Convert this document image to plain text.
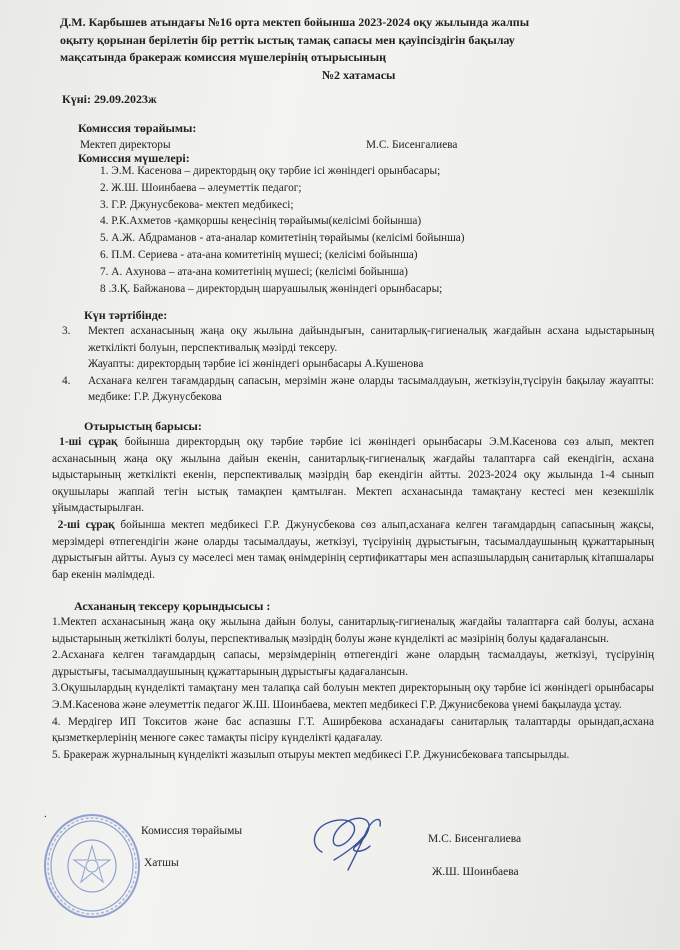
Д.М. Карбышев атындағы №16 орта мектеп бойынша 2023-2024 оқу жылында жалпы
оқыту қорынан берілетін бір реттік ыстық тамақ сапасы мен қауіпсіздігін бақылау
мақсатында бракераж комиссия мүшелерінің отырысының
№2 хатамасы
Күні: 29.09.2023ж
Комиссия төрайымы:
Мектеп директоры	М.С. Бисенгалиева
Комиссия мүшелері:
1. Э.М. Касенова – директордың оқу тәрбие ісі жөніндегі орынбасары;
2. Ж.Ш. Шоинбаева – әлеуметтік педагог;
3. Г.Р. Джунусбекова- мектеп медбикесі;
4. Р.К.Ахметов -қамқоршы кеңесінің төрайымы(келісімі бойынша)
5. А.Ж. Абдраманов - ата-аналар комитетінің төрайымы (келісімі бойынша)
6. П.М. Сериева - ата-ана комитетінің мүшесі; (келісімі бойынша)
7. А. Ахунова – ата-ана комитетінің мүшесі; (келісімі бойынша)
8 .З.Қ. Байжанова – директордың шаруашылық жөніндегі орынбасары;
Күн тәртібінде:
3.	Мектеп асханасының жаңа оқу жылына дайындығын, санитарлық-гигиеналық жағдайын асхана ыдыстарының жеткілікті болуын, перспективалық мәзірді тексеру.
Жауапты: директордың тәрбие ісі жөніндегі орынбасары А.Кушенова
4.	Асханаға келген тағамдардың сапасын, мерзімін және оларды тасымалдауын, жеткізуін,түсіруін бақылау жауапты: медбике: Г.Р. Джунусбекова
Отырыстың барысы:
1-ші сұрақ бойынша директордың оқу тәрбие тәрбие ісі жөніндегі орынбасары Э.М.Касенова сөз алып, мектеп асханасының жаңа оқу жылына дайын екенін, санитарлық-гигиеналық жағдайы талаптарға сай екендігін, асхана ыдыстарының жеткілікті екенін, перспективалық мәзірдің бар екендігін айтты. 2023-2024 оқу жылында 1-4 сынып оқушылары жаппай тегін ыстық тамақпен қамтылған. Мектеп асханасында тамақтану кестесі мен кезекшілік ұйымдастырылған.
2-ші сұрақ бойынша мектеп медбикесі Г.Р. Джунусбекова сөз алып,асханаға келген тағамдардың сапасының жақсы, мерзімдері өтпегендігін және оларды тасымалдауы, жеткізуі, түсіруінің дұрыстығын, тасымалдаушының құжаттарының дұрыстығын айтты. Ауыз су мәселесі мен тамақ өнімдерінің сертификаттары мен аспазшылардың санитарлық кітапшалары бар екенін мәлімдеді.
Асхананың тексеру қорындысысы :
1.Мектеп асханасының жаңа оқу жылына дайын болуы, санитарлық-гигиеналық жағдайы талаптарға сай болуы, асхана ыдыстарының жеткілікті болуы, перспективалық мәзірдің болуы және күнделікті ас мәзірінің болуы қадағалансын.
2.Асханаға келген тағамдардың сапасы, мерзімдерінің өтпегендігі және олардың тасмалдауы, жеткізуі, түсіруінің дұрыстығы, тасымалдаушының құжаттарының дұрыстығы қадағалансын.
3.Оқушылардың күнделікті тамақтану мен талапқа сай болуын мектеп директорының оқу тәрбие ісі жөніндегі орынбасары Э.М.Касенова және әлеуметтік педагог Ж.Ш. Шоинбаева, мектеп медбикесі Г.Р. Джунисбекова үнемі бақылауда ұстау.
4. Мердігер ИП Токситов және бас аспазшы Г.Т. Аширбекова асханадағы санитарлық талаптарды орындап,асхана қызметкерлерінің менюге сәкес тамақты пісіру күнделікті қадағалау.
5. Бракераж журналының күнделікті жазылып отыруы мектеп медбикесі Г.Р. Джунисбековаға тапсырылды.
.
Комиссия төрайымы
Хатшы
М.С. Бисенгалиева
Ж.Ш. Шоинбаева
